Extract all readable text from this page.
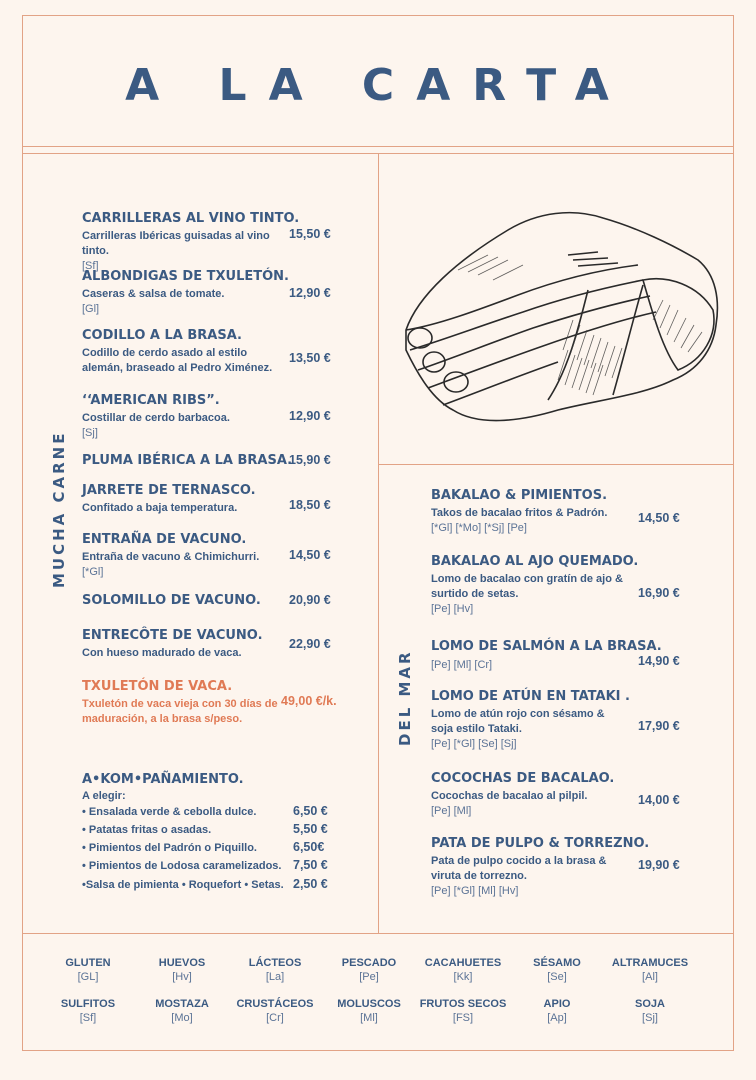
A LA CARTA
MUCHA CARNE
DEL MAR
CARRILLERAS AL VINO TINTO.
Carrilleras Ibéricas guisadas al vino tinto.
[Sf]
15,50 €
ALBONDIGAS DE TXULETÓN.
Caseras & salsa de tomate.
[Gl]
12,90 €
CODILLO A LA BRASA.
Codillo de cerdo asado al estilo alemán, braseado al Pedro Ximénez.
13,50 €
‘‘AMERICAN RIBS”.
Costillar de cerdo barbacoa.
[Sj]
12,90 €
PLUMA IBÉRICA A LA BRASA.
15,90 €
JARRETE DE TERNASCO.
Confitado a baja temperatura.	18,50 €
ENTRAÑA DE VACUNO.
Entraña de vacuno & Chimichurri.
[*Gl]
14,50 €
SOLOMILLO DE VACUNO.	20,90 €
ENTRECÔTE DE VACUNO.
Con hueso madurado de vaca.
22,90 €
TXULETÓN DE VACA.
Txuletón de vaca vieja con 30 días de maduración, a la brasa s/peso.
49,00 €/k.
A•KOM•PAÑAMIENTO.
A elegir:
• Ensalada verde & cebolla dulce.	6,50 €
• Patatas fritas o asadas.	5,50 €
• Pimientos del Padrón o Piquillo.	6,50€
• Pimientos de Lodosa caramelizados. 7,50 €
•Salsa de pimienta • Roquefort • Setas. 2,50 €
BAKALAO & PIMIENTOS.
Takos de bacalao fritos & Padrón.
[*Gl] [*Mo] [*Sj] [Pe]
14,50 €
BAKALAO AL AJO QUEMADO.
Lomo de bacalao con gratín de ajo & surtido de setas.
[Pe] [Hv]
16,90 €
LOMO DE SALMÓN A LA BRASA.
[Pe] [Ml] [Cr]	14,90 €
LOMO DE ATÚN EN TATAKI .
Lomo de atún rojo con sésamo & soja estilo Tataki.
[Pe] [*Gl] [Se] [Sj]
17,90 €
COCOCHAS DE BACALAO.
Cocochas de bacalao al pilpil.
[Pe] [Ml]
14,00 €
PATA DE PULPO & TORREZNO.
Pata de pulpo cocido a la brasa & viruta de torrezno.
[Pe] [*Gl] [Ml] [Hv]
19,90 €
GLUTEN
[GL]
HUEVOS
[Hv]
LÁCTEOS
[La]
PESCADO
[Pe]
CACAHUETES
[Kk]
SÉSAMO
[Se]
ALTRAMUCES
[Al]
SULFITOS
[Sf]
MOSTAZA
[Mo]
CRUSTÁCEOS
[Cr]
MOLUSCOS
[Ml]
FRUTOS SECOS
[FS]
APIO
[Ap]
SOJA
[Sj]
